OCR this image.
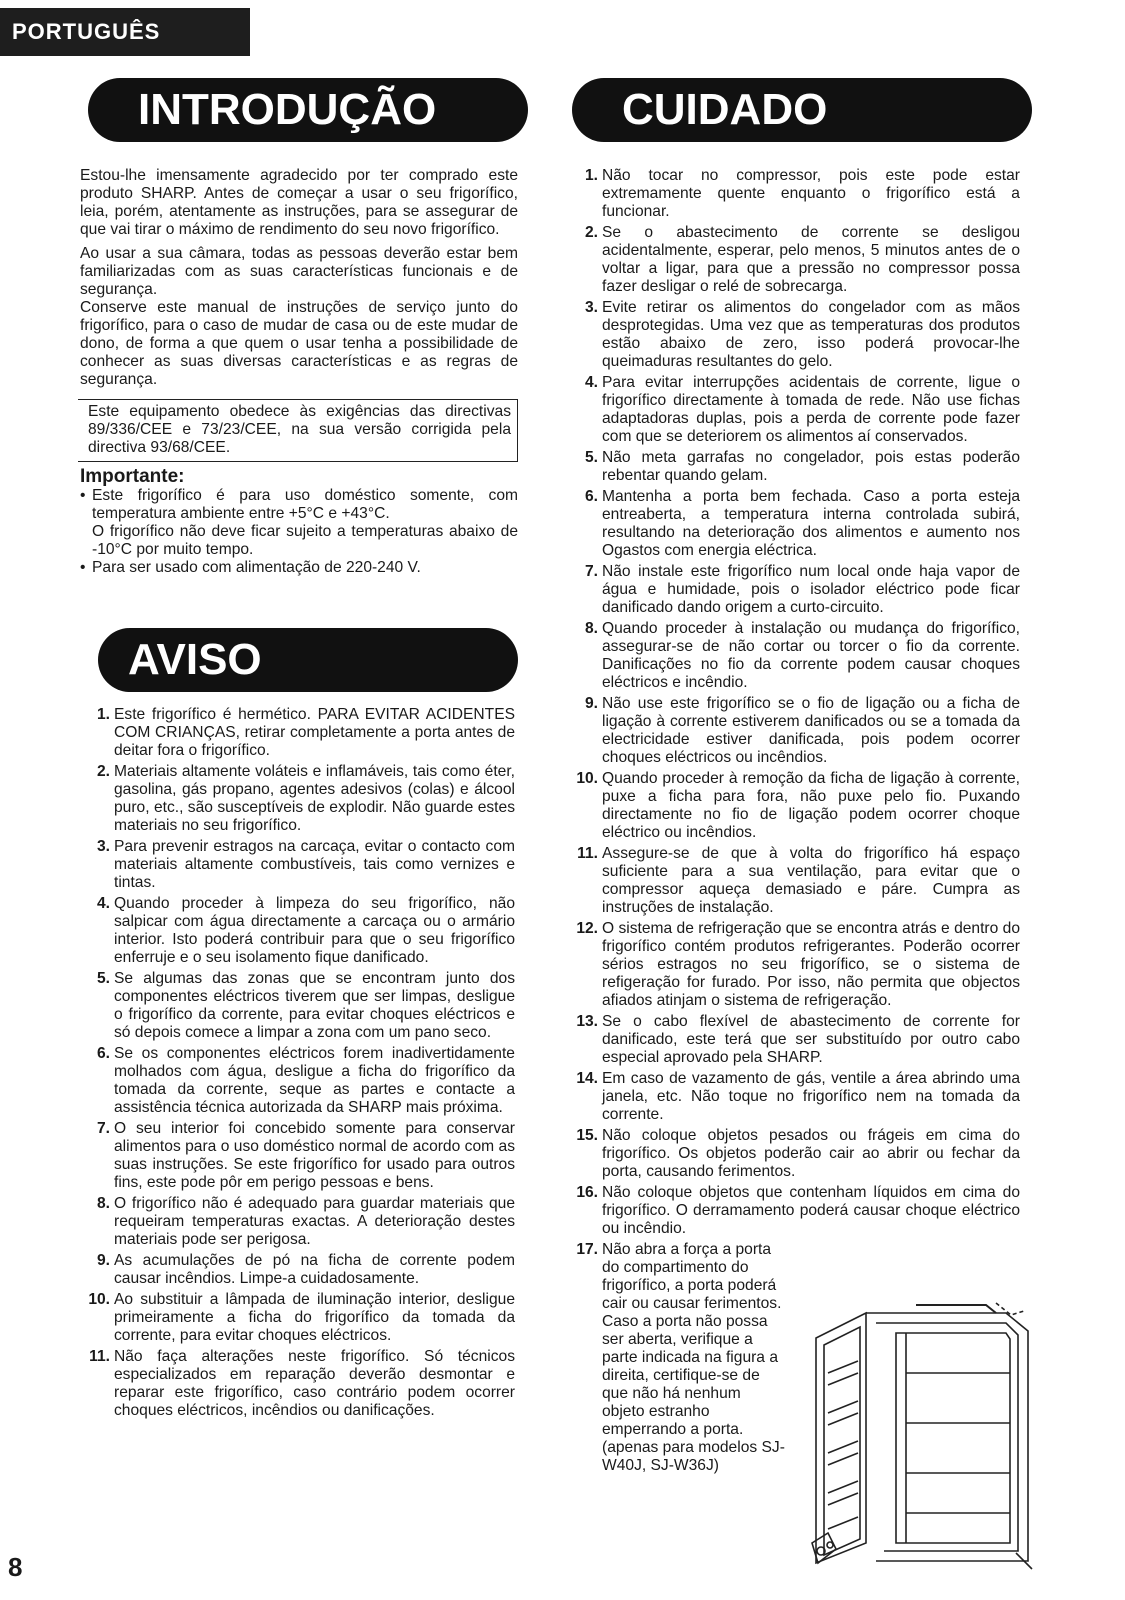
PORTUGUÊS
INTRODUÇÃO

Estou-lhe imensamente agradecido por ter comprado este produto SHARP. Antes de começar a usar o seu frigorífico, leia, porém, atentamente as instruções, para se assegurar de que vai tirar o máximo de rendimento do seu novo frigorífico.

Ao usar a sua câmara, todas as pessoas deverão estar bem familiarizadas com as suas características funcionais e de segurança.

Conserve este manual de instruções de serviço junto do frigorífico, para o caso de mudar de casa ou de este mudar de dono, de forma a que quem o usar tenha a possibilidade de conhecer as suas diversas características e as regras de segurança.

Este equipamento obedece às exigências das directivas 89/336/CEE e 73/23/CEE, na sua versão corrigida pela directiva 93/68/CEE.
Importante:
• Este frigorífico é para uso doméstico somente, com temperatura ambiente entre +5°C e +43°C.
O frigorífico não deve ficar sujeito a temperaturas abaixo de -10°C por muito tempo.
• Para ser usado com alimentação de 220-240 V.
AVISO
1. Este frigorífico é hermético. PARA EVITAR ACIDENTES COM CRIANÇAS, retirar completamente a porta antes de deitar fora o frigorífico.
2. Materiais altamente voláteis e inflamáveis, tais como éter, gasolina, gás propano, agentes adesivos (colas) e álcool puro, etc., são susceptíveis de explodir. Não guarde estes materiais no seu frigorífico.
3. Para prevenir estragos na carcaça, evitar o contacto com materiais altamente combustíveis, tais como vernizes e tintas.
4. Quando proceder à limpeza do seu frigorífico, não salpicar com água directamente a carcaça ou o armário interior. Isto poderá contribuir para que o seu frigorífico enferruje e o seu isolamento fique danificado.
5. Se algumas das zonas que se encontram junto dos componentes eléctricos tiverem que ser limpas, desligue o frigorífico da corrente, para evitar choques eléctricos e só depois comece a limpar a zona com um pano seco.
6. Se os componentes eléctricos forem inadivertidamente molhados com água, desligue a ficha do frigorífico da tomada da corrente, seque as partes e contacte a assistência técnica autorizada da SHARP mais próxima.
7. O seu interior foi concebido somente para conservar alimentos para o uso doméstico normal de acordo com as suas instruções. Se este frigorífico for usado para outros fins, este pode pôr em perigo pessoas e bens.
8. O frigorífico não é adequado para guardar materiais que requeiram temperaturas exactas. A deterioração destes materiais pode ser perigosa.
9. As acumulações de pó na ficha de corrente podem causar incêndios. Limpe-a cuidadosamente.
10. Ao substituir a lâmpada de iluminação interior, desligue primeiramente a ficha do frigorífico da tomada da corrente, para evitar choques eléctricos.
11. Não faça alterações neste frigorífico. Só técnicos especializados em reparação deverão desmontar e reparar este frigorífico, caso contrário podem ocorrer choques eléctricos, incêndios ou danificações.
CUIDADO
1. Não tocar no compressor, pois este pode estar extremamente quente enquanto o frigorífico está a funcionar.
2. Se o abastecimento de corrente se desligou acidentalmente, esperar, pelo menos, 5 minutos antes de o voltar a ligar, para que a pressão no compressor possa fazer desligar o relé de sobrecarga.
3. Evite retirar os alimentos do congelador com as mãos desprotegidas. Uma vez que as temperaturas dos produtos estão abaixo de zero, isso poderá provocar-lhe queimaduras resultantes do gelo.
4. Para evitar interrupções acidentais de corrente, ligue o frigorífico directamente à tomada de rede. Não use fichas adaptadoras duplas, pois a perda de corrente pode fazer com que se deteriorem os alimentos aí conservados.
5. Não meta garrafas no congelador, pois estas poderão rebentar quando gelam.
6. Mantenha a porta bem fechada. Caso a porta esteja entreaberta, a temperatura interna controlada subirá, resultando na deterioração dos alimentos e aumento nos Ogastos com energia eléctrica.
7. Não instale este frigorífico num local onde haja vapor de água e humidade, pois o isolador eléctrico pode ficar danificado dando origem a curto-circuito.
8. Quando proceder à instalação ou mudança do frigorífico, assegurar-se de não cortar ou torcer o fio da corrente. Danificações no fio da corrente podem causar choques eléctricos e incêndio.
9. Não use este frigorífico se o fio de ligação ou a ficha de ligação à corrente estiverem danificados ou se a tomada da electricidade estiver danificada, pois podem ocorrer choques eléctricos ou incêndios.
10. Quando proceder à remoção da ficha de ligação à corrente, puxe a ficha para fora, não puxe pelo fio. Puxando directamente no fio de ligação podem ocorrer choque eléctrico ou incêndios.
11. Assegure-se de que à volta do frigorífico há espaço suficiente para a sua ventilação, para evitar que o compressor aqueça demasiado e páre. Cumpra as instruções de instalação.
12. O sistema de refrigeração que se encontra atrás e dentro do frigorífico contém produtos refrigerantes. Poderão ocorrer sérios estragos no seu frigorífico, se o sistema de refigeração for furado. Por isso, não permita que objectos afiados atinjam o sistema de refrigeração.
13. Se o cabo flexível de abastecimento de corrente for danificado, este terá que ser substituído por outro cabo especial aprovado pela SHARP.
14. Em caso de vazamento de gás, ventile a área abrindo uma janela, etc. Não toque no frigorífico nem na tomada da corrente.
15. Não coloque objetos pesados ou frágeis em cima do frigorífico. Os objetos poderão cair ao abrir ou fechar da porta, causando ferimentos.
16. Não coloque objetos que contenham líquidos em cima do frigorífico. O derramamento poderá causar choque eléctrico ou incêndio.
17. Não abra a força a porta do compartimento do frigorífico, a porta poderá cair ou causar ferimentos. Caso a porta não possa ser aberta, verifique a parte indicada na figura a direita, certifique-se de que não há nenhum objeto estranho emperrando a porta. (apenas para modelos SJ-W40J, SJ-W36J)
8
